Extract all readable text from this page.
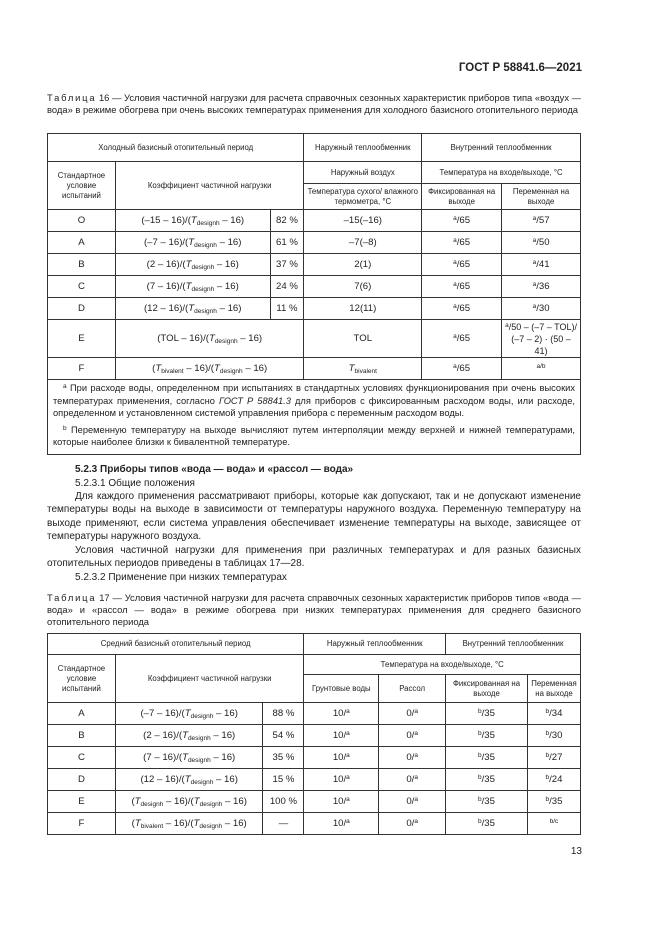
ГОСТ Р 58841.6—2021
Таблица 16 — Условия частичной нагрузки для расчета справочных сезонных характеристик приборов типа «воздух — вода» в режиме обогрева при очень высоких температурах применения для холодного базисного отопительного периода
Холодный базисный отопительный период			Наружный теплообменник	Внутренний теплообменник	
Стандартное условие испытаний	Коэффициент частичной нагрузки		Наружный воздух	Температура на входе/выходе, °С	
			Температура сухого/ влажного термометра, °С	Фиксированная на выходе	Переменная на выходе
O	$(-15 - 16)/(T_{designh} - 16)$	82 %	–15(–16)	$^a$/65	$^a$/57
A	$(-7 - 16)/(T_{designh} - 16)$	61 %	–7(–8)	$^a$/65	$^a$/50
B	$(2 - 16)/(T_{designh} - 16)$	37 %	2(1)	$^a$/65	$^a$/41
C	$(7 - 16)/(T_{designh} - 16)$	24 %	7(6)	$^a$/65	$^a$/36
D	$(12 - 16)/(T_{designh} - 16)$	11 %	12(11)	$^a$/65	$^a$/30
E	$(TOL - 16)/(T_{designh} - 16)$		TOL	$^a$/65	$^a$/50 – (–7 – TOL)/ (–7 – 2) · (50 – 41)
F	$(T_{bivalent} - 16)/(T_{designh} - 16)$		$T_{bivalent}$	$^a$/65	$^{a/b}$

$^a$ При расходе воды, определенном при испытаниях в стандартных условиях функционирования при очень высоких температурах применения, согласно ГОСТ Р 58841.3 для приборов с фиксированным расходом воды, или расходе, определенном и установленном системой управления прибора с переменным расходом воды.

$^b$ Переменную температуру на выходе вычисляют путем интерполяции между верхней и нижней температурами, которые наиболее близки к бивалентной температуре.

5.2.3 Приборы типов «вода — вода» и «рассол — вода»
5.2.3.1 Общие положения
Для каждого применения рассматривают приборы, которые как допускают, так и не допускают изменение температуры воды на выходе в зависимости от температуры наружного воздуха. Переменную температуру на выходе применяют, если система управления обеспечивает изменение температуры на выходе, зависящее от температуры наружного воздуха.
Условия частичной нагрузки для применения при различных температурах и для разных базисных отопительных периодов приведены в таблицах 17—28.
5.2.3.2 Применение при низких температурах
Таблица 17 — Условия частичной нагрузки для расчета справочных сезонных характеристик приборов типов «вода — вода» и «рассол — вода» в режиме обогрева при низких температурах применения для среднего базисного отопительного периода
Средний базисный отопительный период			Наружный теплообменник		Внутренний теплообменник	
Стандартное условие испытаний	Коэффициент частичной нагрузки		Температура на входе/выходе, °С			
			Грунтовые воды	Рассол	Фиксированная на выходе	Переменная на выходе
A	$(-7 - 16)/(T_{designh} - 16)$	88 %	10/$^a$	0/$^a$	$^b$/35	$^b$/34
B	$(2 - 16)/(T_{designh} - 16)$	54 %	10/$^a$	0/$^a$	$^b$/35	$^b$/30
C	$(7 - 16)/(T_{designh} - 16)$	35 %	10/$^a$	0/$^a$	$^b$/35	$^b$/27
D	$(12 - 16)/(T_{designh} - 16)$	15 %	10/$^a$	0/$^a$	$^b$/35	$^b$/24
E	$(T_{designh} - 16)/(T_{designh} - 16)$	100 %	10/$^a$	0/$^a$	$^b$/35	$^b$/35
F	$(T_{bivalent} - 16)/(T_{designh} - 16)$	—	10/$^a$	0/$^a$	$^b$/35	$^{b/c}$
13
